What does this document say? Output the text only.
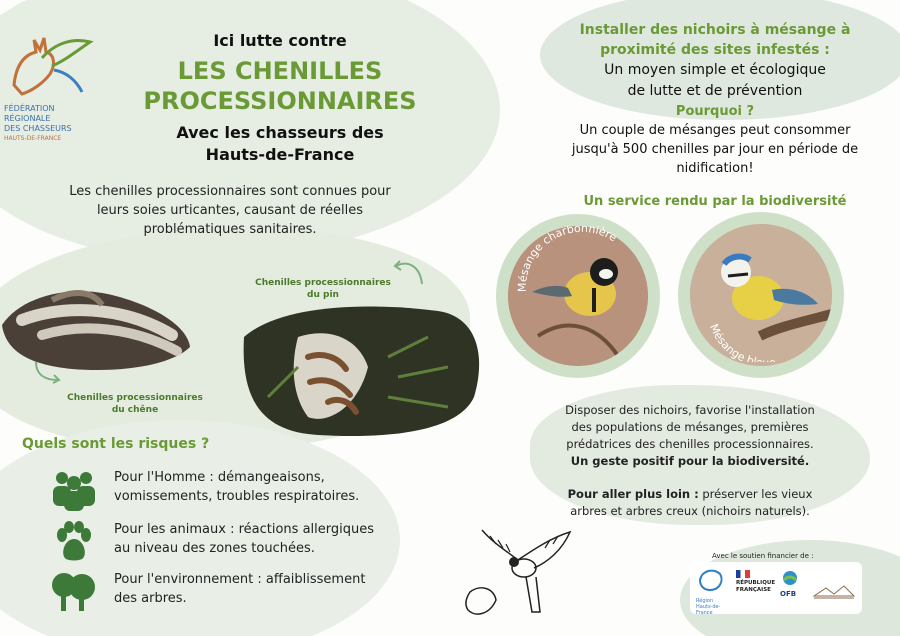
FÉDÉRATION
RÉGIONALE
DES CHASSEURS
HAUTS-DE-FRANCE
Ici lutte contre
LES CHENILLES
PROCESSIONNAIRES
Avec les chasseurs des
Hauts-de-France
Les chenilles processionnaires sont connues pour
leurs soies urticantes, causant de réelles
problématiques sanitaires.
Chenilles processionnaires
du chêne
Chenilles processionnaires
du pin
Quels sont les risques ?
Pour l'Homme : démangeaisons,
vomissements, troubles respiratoires.
Pour les animaux : réactions allergiques
au niveau des zones touchées.
Pour l'environnement : affaiblissement
des arbres.
Installer des nichoirs à mésange à
proximité des sites infestés :
Un moyen simple et écologique
de lutte et de prévention
Pourquoi ?
Un couple de mésanges peut consommer
jusqu'à 500 chenilles par jour en période de
nidification!
Un service rendu par la biodiversité
Mésange charbonnière
Mésange bl
Disposer des nichoirs, favorise l'installation
des populations de mésanges, premières
prédatrices des chenilles processionnaires.
Un geste positif pour la biodiversité.
Pour aller plus loin : préserver les vieux
arbres et arbres creux (nichoirs naturels).
Avec le soutien financier de :
Région
Hauts-de-France
RÉPUBLIQUE
FRANÇAISE	OFB
